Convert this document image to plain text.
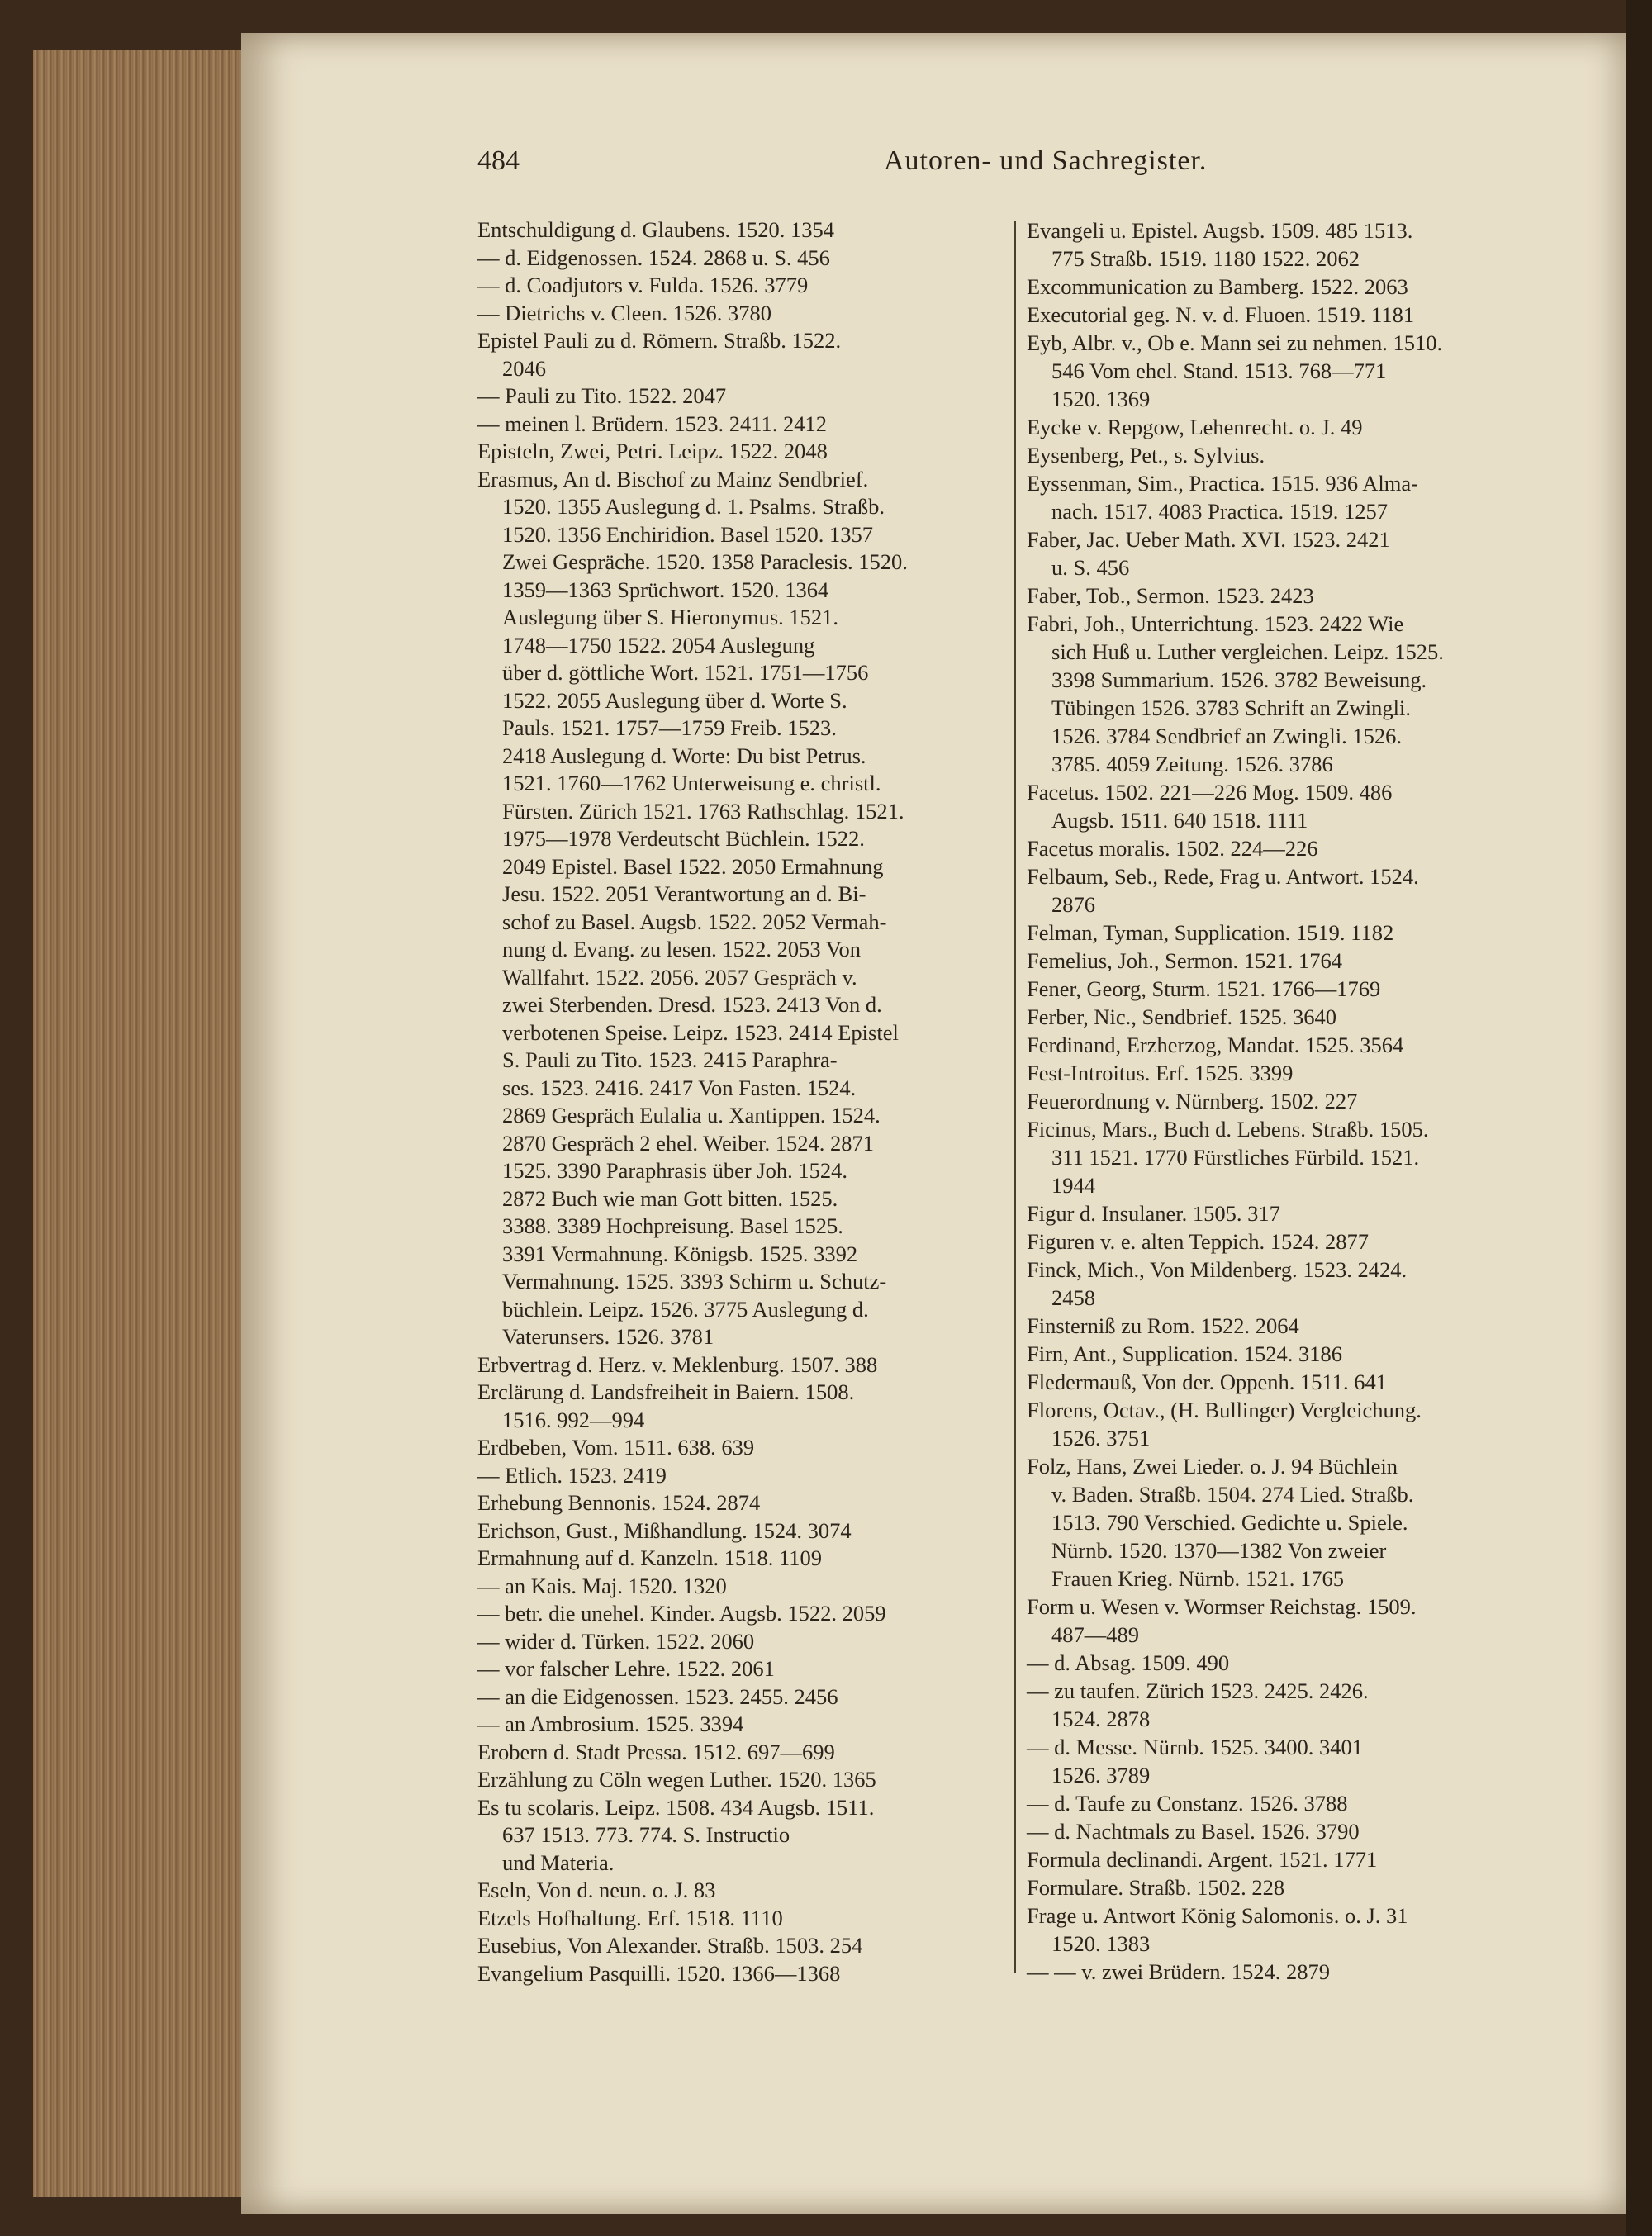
484	Autoren- und Sachregister.
Entschuldigung d. Glaubens. 1520. 1354
— d. Eidgenossen. 1524. 2868 u. S. 456
— d. Coadjutors v. Fulda. 1526. 3779
— Dietrichs v. Cleen. 1526. 3780
Epistel Pauli zu d. Römern. Straßb. 1522.
2046
— Pauli zu Tito. 1522. 2047
— meinen l. Brüdern. 1523. 2411. 2412
Episteln, Zwei, Petri. Leipz. 1522. 2048
Erasmus, An d. Bischof zu Mainz Sendbrief.
1520. 1355 Auslegung d. 1. Psalms. Straßb.
1520. 1356 Enchiridion. Basel 1520. 1357
Zwei Gespräche. 1520. 1358 Paraclesis. 1520.
1359—1363 Sprüchwort. 1520. 1364
Auslegung über S. Hieronymus. 1521.
1748—1750 1522. 2054 Auslegung
über d. göttliche Wort. 1521. 1751—1756
1522. 2055 Auslegung über d. Worte S.
Pauls. 1521. 1757—1759 Freib. 1523.
2418 Auslegung d. Worte: Du bist Petrus.
1521. 1760—1762 Unterweisung e. christl.
Fürsten. Zürich 1521. 1763 Rathschlag. 1521.
1975—1978 Verdeutscht Büchlein. 1522.
2049 Epistel. Basel 1522. 2050 Ermahnung
Jesu. 1522. 2051 Verantwortung an d. Bi-
schof zu Basel. Augsb. 1522. 2052 Vermah-
nung d. Evang. zu lesen. 1522. 2053 Von
Wallfahrt. 1522. 2056. 2057 Gespräch v.
zwei Sterbenden. Dresd. 1523. 2413 Von d.
verbotenen Speise. Leipz. 1523. 2414 Epistel
S. Pauli zu Tito. 1523. 2415 Paraphra-
ses. 1523. 2416. 2417 Von Fasten. 1524.
2869 Gespräch Eulalia u. Xantippen. 1524.
2870 Gespräch 2 ehel. Weiber. 1524. 2871
1525. 3390 Paraphrasis über Joh. 1524.
2872 Buch wie man Gott bitten. 1525.
3388. 3389 Hochpreisung. Basel 1525.
3391 Vermahnung. Königsb. 1525. 3392
Vermahnung. 1525. 3393 Schirm u. Schutz-
büchlein. Leipz. 1526. 3775 Auslegung d.
Vaterunsers. 1526. 3781
Erbvertrag d. Herz. v. Meklenburg. 1507. 388
Erclärung d. Landsfreiheit in Baiern. 1508.
1516. 992—994
Erdbeben, Vom. 1511. 638. 639
— Etlich. 1523. 2419
Erhebung Bennonis. 1524. 2874
Erichson, Gust., Mißhandlung. 1524. 3074
Ermahnung auf d. Kanzeln. 1518. 1109
— an Kais. Maj. 1520. 1320
— betr. die unehel. Kinder. Augsb. 1522. 2059
— wider d. Türken. 1522. 2060
— vor falscher Lehre. 1522. 2061
— an die Eidgenossen. 1523. 2455. 2456
— an Ambrosium. 1525. 3394
Erobern d. Stadt Pressa. 1512. 697—699
Erzählung zu Cöln wegen Luther. 1520. 1365
Es tu scolaris. Leipz. 1508. 434 Augsb. 1511.
637 1513. 773. 774. S. Instructio
und Materia.
Eseln, Von d. neun. o. J. 83
Etzels Hofhaltung. Erf. 1518. 1110
Eusebius, Von Alexander. Straßb. 1503. 254
Evangelium Pasquilli. 1520. 1366—1368
Evangeli u. Epistel. Augsb. 1509. 485 1513.
775 Straßb. 1519. 1180 1522. 2062
Excommunication zu Bamberg. 1522. 2063
Executorial geg. N. v. d. Fluoen. 1519. 1181
Eyb, Albr. v., Ob e. Mann sei zu nehmen. 1510.
546 Vom ehel. Stand. 1513. 768—771
1520. 1369
Eycke v. Repgow, Lehenrecht. o. J. 49
Eysenberg, Pet., s. Sylvius.
Eyssenman, Sim., Practica. 1515. 936 Alma-
nach. 1517. 4083 Practica. 1519. 1257
Faber, Jac. Ueber Math. XVI. 1523. 2421
u. S. 456
Faber, Tob., Sermon. 1523. 2423
Fabri, Joh., Unterrichtung. 1523. 2422 Wie
sich Huß u. Luther vergleichen. Leipz. 1525.
3398 Summarium. 1526. 3782 Beweisung.
Tübingen 1526. 3783 Schrift an Zwingli.
1526. 3784 Sendbrief an Zwingli. 1526.
3785. 4059 Zeitung. 1526. 3786
Facetus. 1502. 221—226 Mog. 1509. 486
Augsb. 1511. 640 1518. 1111
Facetus moralis. 1502. 224—226
Felbaum, Seb., Rede, Frag u. Antwort. 1524.
2876
Felman, Tyman, Supplication. 1519. 1182
Femelius, Joh., Sermon. 1521. 1764
Fener, Georg, Sturm. 1521. 1766—1769
Ferber, Nic., Sendbrief. 1525. 3640
Ferdinand, Erzherzog, Mandat. 1525. 3564
Fest-Introitus. Erf. 1525. 3399
Feuerordnung v. Nürnberg. 1502. 227
Ficinus, Mars., Buch d. Lebens. Straßb. 1505.
311 1521. 1770 Fürstliches Fürbild. 1521.
1944
Figur d. Insulaner. 1505. 317
Figuren v. e. alten Teppich. 1524. 2877
Finck, Mich., Von Mildenberg. 1523. 2424.
2458
Finsterniß zu Rom. 1522. 2064
Firn, Ant., Supplication. 1524. 3186
Fledermauß, Von der. Oppenh. 1511. 641
Florens, Octav., (H. Bullinger) Vergleichung.
1526. 3751
Folz, Hans, Zwei Lieder. o. J. 94 Büchlein
v. Baden. Straßb. 1504. 274 Lied. Straßb.
1513. 790 Verschied. Gedichte u. Spiele.
Nürnb. 1520. 1370—1382 Von zweier
Frauen Krieg. Nürnb. 1521. 1765
Form u. Wesen v. Wormser Reichstag. 1509.
487—489
— d. Absag. 1509. 490
— zu taufen. Zürich 1523. 2425. 2426.
1524. 2878
— d. Messe. Nürnb. 1525. 3400. 3401
1526. 3789
— d. Taufe zu Constanz. 1526. 3788
— d. Nachtmals zu Basel. 1526. 3790
Formula declinandi. Argent. 1521. 1771
Formulare. Straßb. 1502. 228
Frage u. Antwort König Salomonis. o. J. 31
1520. 1383
— — v. zwei Brüdern. 1524. 2879
